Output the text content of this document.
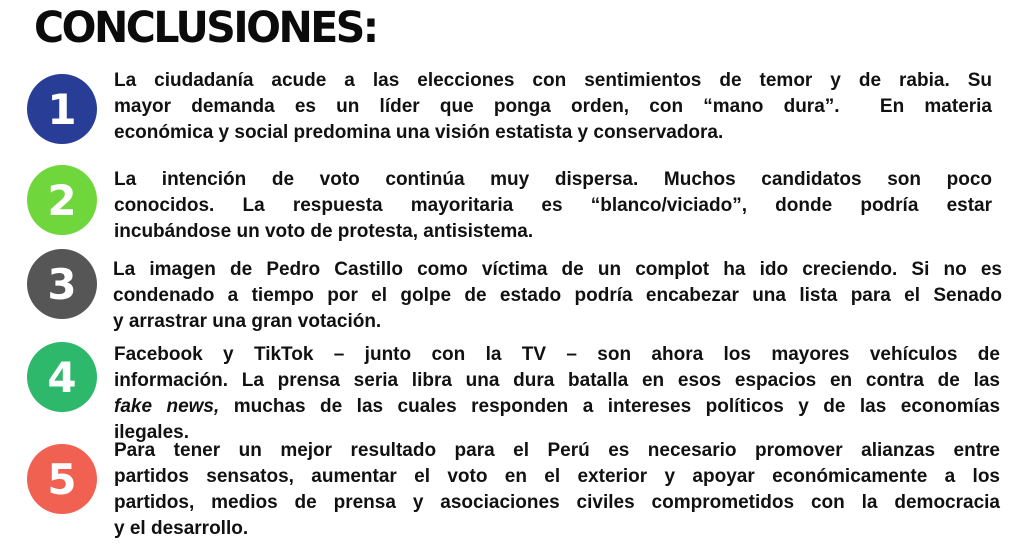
CONCLUSIONES:
1
La ciudadanía acude a las elecciones con sentimientos de temor y de rabia. Su
mayor demanda es un líder que ponga orden, con “mano dura”.  En materia
económica y social predomina una visión estatista y conservadora.
2 La intención de voto continúa muy dispersa. Muchos candidatos son poco
conocidos. La respuesta mayoritaria es “blanco/viciado”, donde podría estar
incubándose un voto de protesta, antisistema.
3 La imagen de Pedro Castillo como víctima de un complot ha ido creciendo. Si no es
condenado a tiempo por el golpe de estado podría encabezar una lista para el Senado
y arrastrar una gran votación.
4 Facebook y TikTok – junto con la TV – son ahora los mayores vehículos de
información. La prensa seria libra una dura batalla en esos espacios en contra de las
fake news, muchas de las cuales responden a intereses políticos y de las economías
ilegales.
5
Para tener un mejor resultado para el Perú es necesario promover alianzas entre
partidos sensatos, aumentar el voto en el exterior y apoyar económicamente a los
partidos, medios de prensa y asociaciones civiles comprometidos con la democracia
y el desarrollo.
